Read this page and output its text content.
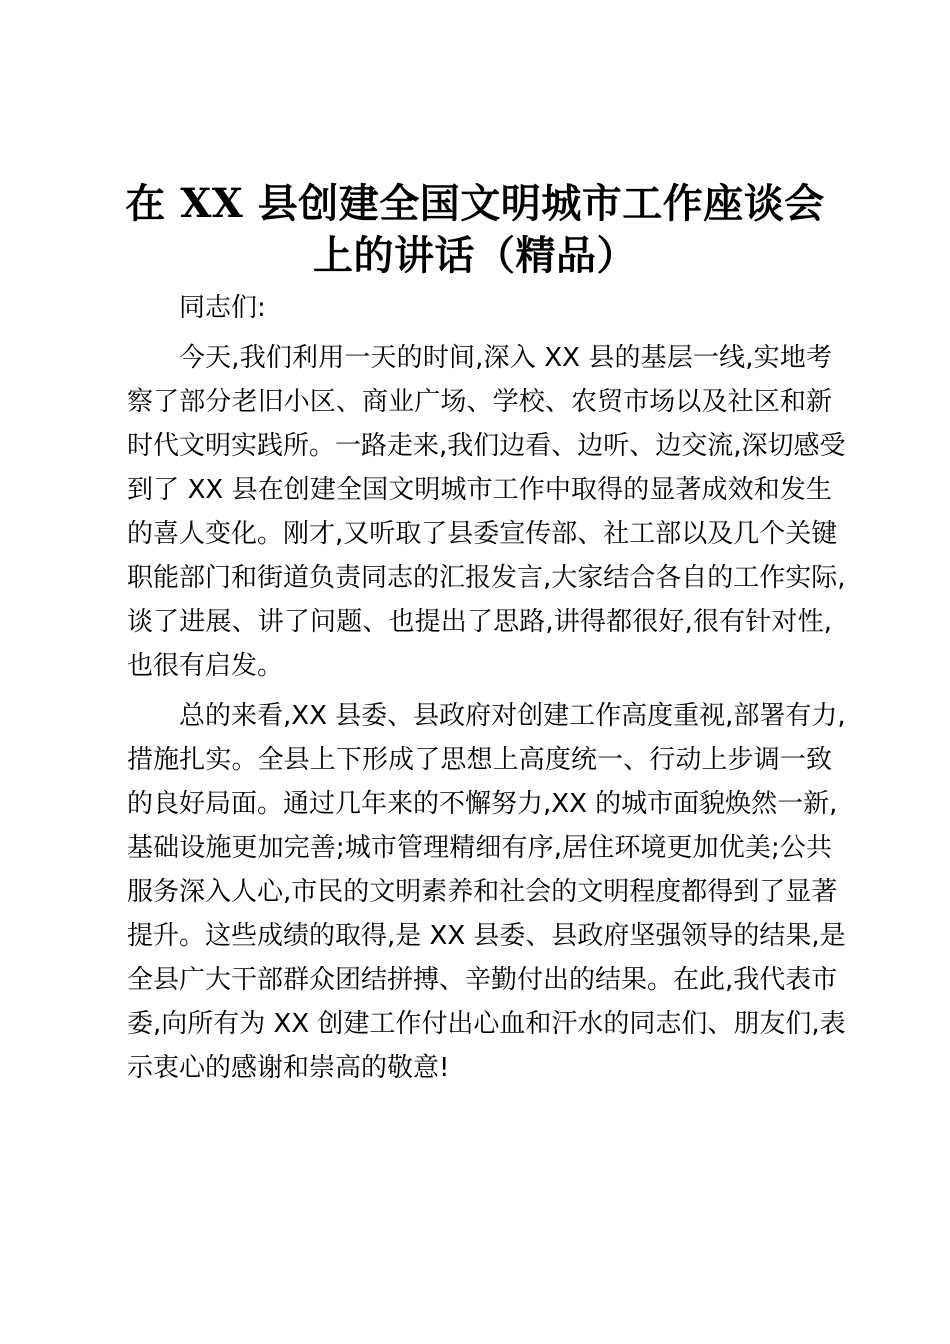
在 XX 县创建全国文明城市工作座谈会
上的讲话（精品）
同志们:
今天,我们利用一天的时间,深入 XX 县的基层一线,实地考
察了部分老旧小区、商业广场、学校、农贸市场以及社区和新
时代文明实践所。一路走来,我们边看、边听、边交流,深切感受
到了 XX 县在创建全国文明城市工作中取得的显著成效和发生
的喜人变化。刚才,又听取了县委宣传部、社工部以及几个关键
职能部门和街道负责同志的汇报发言,大家结合各自的工作实际,
谈了进展、讲了问题、也提出了思路,讲得都很好,很有针对性,
也很有启发。
总的来看,XX 县委、县政府对创建工作高度重视,部署有力,
措施扎实。全县上下形成了思想上高度统一、行动上步调一致
的良好局面。通过几年来的不懈努力,XX 的城市面貌焕然一新,
基础设施更加完善;城市管理精细有序,居住环境更加优美;公共
服务深入人心,市民的文明素养和社会的文明程度都得到了显著
提升。这些成绩的取得,是 XX 县委、县政府坚强领导的结果,是
全县广大干部群众团结拼搏、辛勤付出的结果。在此,我代表市
委,向所有为 XX 创建工作付出心血和汗水的同志们、朋友们,表
示衷心的感谢和崇高的敬意!
